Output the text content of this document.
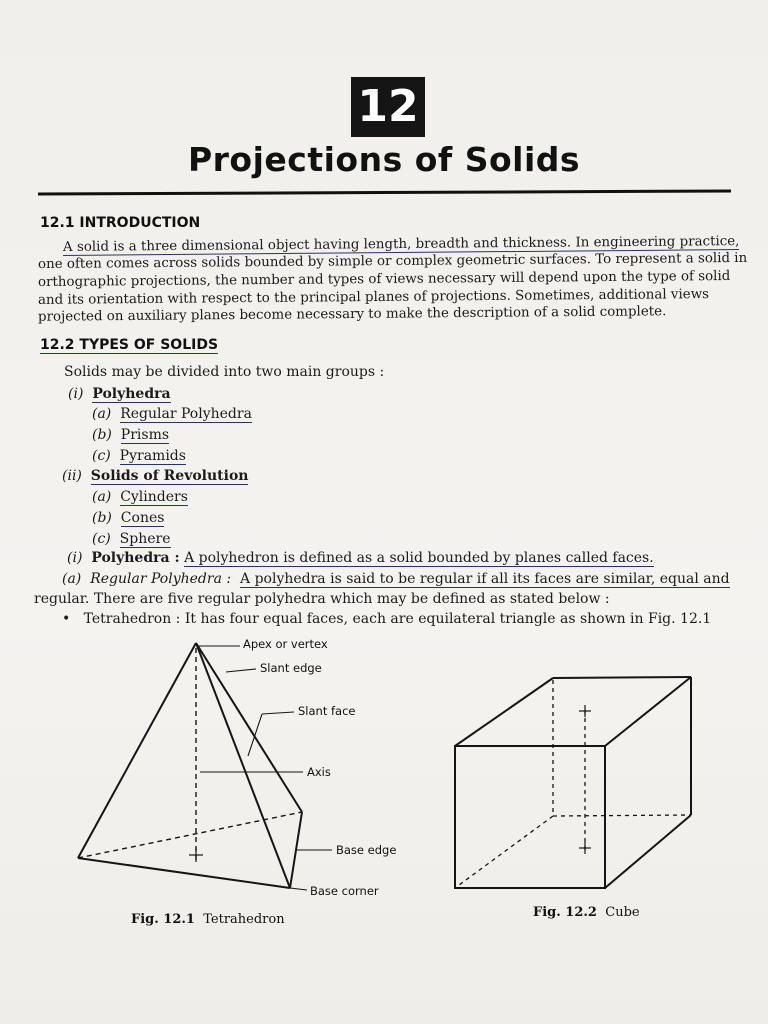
12
Projections of Solids
12.1 INTRODUCTION
A solid is a three dimensional object having length, breadth and thickness. In engineering practice,
one often comes across solids bounded by simple or complex geometric surfaces. To represent a solid in
orthographic projections, the number and types of views necessary will depend upon the type of solid
and its orientation with respect to the principal planes of projections. Sometimes, additional views
projected on auxiliary planes become necessary to make the description of a solid complete.
12.2 TYPES OF SOLIDS
Solids may be divided into two main groups :
(i) Polyhedra
(a) Regular Polyhedra
(b) Prisms
(c) Pyramids
(ii) Solids of Revolution
(a) Cylinders
(b) Cones
(c) Sphere
(i) Polyhedra : A polyhedron is defined as a solid bounded by planes called faces.
(a) Regular Polyhedra : A polyhedra is said to be regular if all its faces are similar, equal and
regular. There are five regular polyhedra which may be defined as stated below :
• Tetrahedron : It has four equal faces, each are equilateral triangle as shown in Fig. 12.1
Apex or vertex
Slant edge
Slant face
Axis
Base edge
Base corner
Fig. 12.1 Tetrahedron	Fig. 12.2 Cube
